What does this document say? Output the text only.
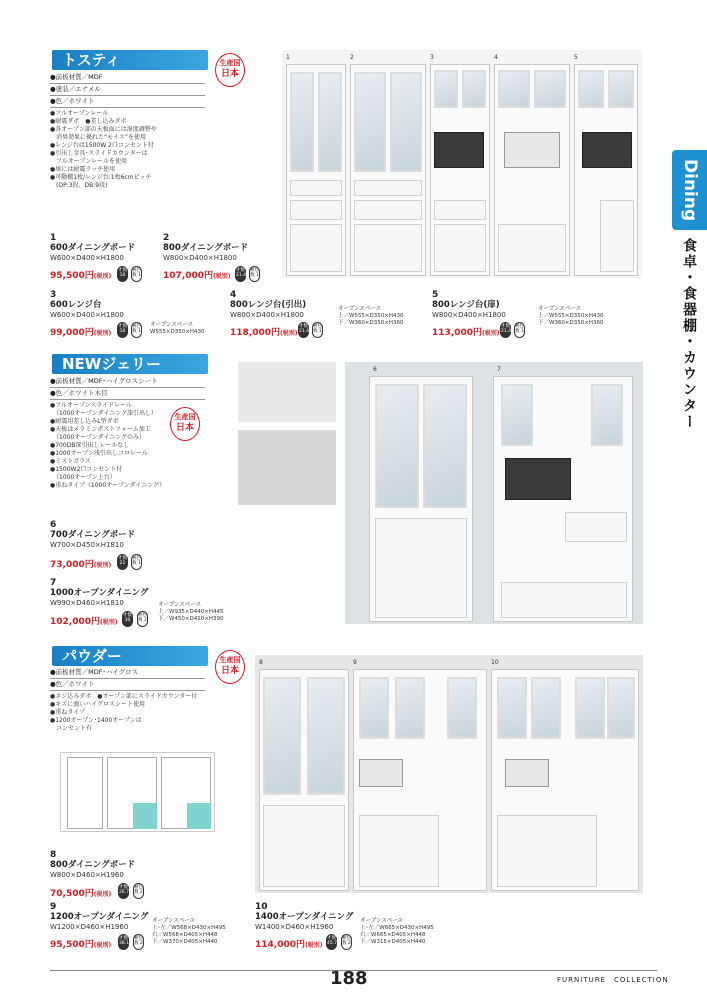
トスティ	生産国
日本
●前板材質／MDF
●塗装／エナメル
●色／ホワイト
●フルオープンレール
●耐震ダボ　●差し込みダボ
●各オープン部の天板面には湿度調整や
　消臭効果に優れた“モイス”を使用
●レンジ台は1500W 2口コンセント付
●引出し金具･スライドカウンターは
　フルオープンレールを使用
●扉には耐震ラッチ使用
●可動棚1枚/レンジ台:1枚6cmピッチ
　(OP:3段、DB:9段)
1	2	3	4	5
1
600ダイニングボード
W600×D400×H1800
95,500円(税別)
才数 16
梱包数 1
2
800ダイニングボード
W800×D400×H1800
107,000円(税別)
才数 21.4
梱包数 1
3
600レンジ台
W600×D400×H1800
99,000円(税別)
才数 16
梱包数 1
オープンスペース
W555×D350×H430
4
800レンジ台(引出)
W800×D400×H1800
118,000円(税別)
才数 21.4
梱包数 1
オープンスペース
上／W555×D350×H430
下／W360×D350×H360
5
800レンジ台(扉)
W800×D400×H1800
113,000円(税別)
才数 21.4
梱包数 1
オープンスペース
上／W555×D350×H430
下／W360×D350×H360
NEWジェリー
●前板材質／MDF･ハイグロスシート
●色／ホワイト木目
●フルオープンスライドレール
　（1000オープンダイニング深引出し）
●耐震用差し込みL型ダボ
●天板はメラミンポストフォーム加工
　（1000オープンダイニングのみ）
●700DB深引出しレールなし
●1000オープン浅引出しコロレール
●ミストガラス
●1500W2口コンセント付
　（1000オープン上台）
●重ねタイプ（1000オープンダイニング）
生産国
日本
6	7
6
700ダイニングボード
W700×D450×H1810
73,000円(税別)
才数 21
梱包数 1
7
1000オープンダイニング
W990×D460×H1810
102,000円(税別)
才数 30
梱包数 2
オープンスペース
上／W935×D440×H445
下／W450×D410×H390
パウダー	生産国
日本
●前板材質／MDF･ハイグロス
●色／ホワイト
●ネジ込みダボ　●オープン部にスライドカウンター付
●キズに強いハイグロスシート使用
●重ねタイプ
●1200オープン･1400オープンは
　コンセント有
8	9	10
8
800ダイニングボード
W800×D460×H1960
70,500円(税別)
才数 26.7
梱包数 2
9
1200オープンダイニング
W1200×D460×H1960
95,500円(税別)
才数 38.1
梱包数 2
オープンスペース
上･左／W568×D430×H495
右／W568×D405×H448
下／W370×D405×H440
10
1400オープンダイニング
W1400×D460×H1960
114,000円(税別)
才数 45.7
梱包数 2
オープンスペース
上･左／W665×D430×H495
右／W665×D405×H448
下／W315×D405×H440
Dining
食卓・食器棚・カウンター
188	FURNITURE　COLLECTION
